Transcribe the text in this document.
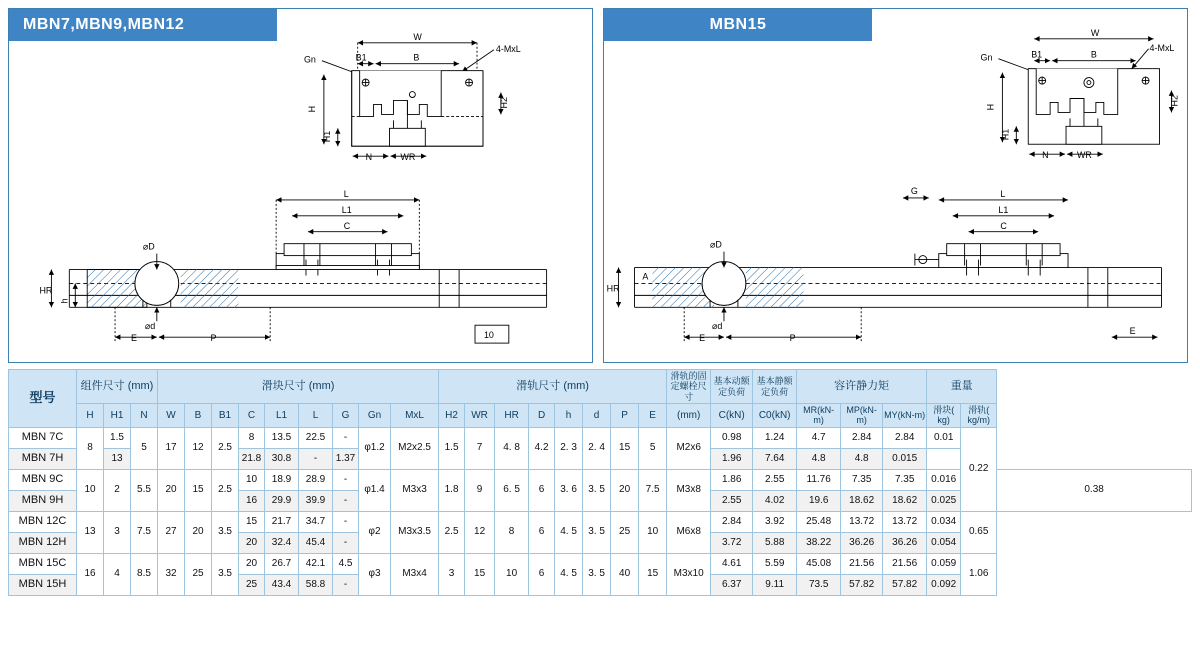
MBN7,MBN9,MBN12
W
B
B1
Gn
4-MxL
H
H1
H2
N	WR
L
L1
C
⌀D
⌀d
HR
h
E	P	10
MBN15	W
B
B1
Gn
4-MxL
H
H1
H2
N	WR
L
G
L1
C
⌀D
⌀d
HR
A
E	P
E
型号	组件尺寸 (mm)			滑块尺寸 (mm)									滑轨尺寸 (mm)								滑轨的固定螺栓尺寸	基本动额定负荷	基本静额定负荷	容许静力矩			重量		
	H	H1	N	W	B	B1	C	L1	L	G	Gn	MxL	H2	WR	HR	D	h	d	P	E	(mm)	C(kN)	C0(kN)	MR(kN-m)	MP(kN-m)	MY(kN-m)	滑块( kg)	滑轨( kg/m)	
MBN 7C	8	1.5	5	17	12	2.5	8	13.5	22.5	-	φ1.2	M2x2.5	1.5	7	4. 8	4.2	2. 3	2. 4	15	5	M2x6	0.98	1.24	4.7	2.84	2.84	0.01	0.22	
MBN 7H		13					21.8	30.8	-	1.37												1.96	7.64	4.8	4.8	0.015			
MBN 9C	10	2	5.5	20	15	2.5	10	18.9	28.9	-	φ1.4	M3x3	1.8	9	6. 5	6	3. 6	3. 5	20	7.5	M3x8	1.86	2.55	11.76	7.35	7.35	0.016		0.38
MBN 9H							16	29.9	39.9	-												2.55	4.02	19.6	18.62	18.62	0.025		
MBN 12C	13	3	7.5	27	20	3.5	15	21.7	34.7	-	φ2	M3x3.5	2.5	12	8	6	4. 5	3. 5	25	10	M6x8	2.84	3.92	25.48	13.72	13.72	0.034	0.65	
MBN 12H							20	32.4	45.4	-												3.72	5.88	38.22	36.26	36.26	0.054		
MBN 15C	16	4	8.5	32	25	3.5	20	26.7	42.1	4.5	φ3	M3x4	3	15	10	6	4. 5	3. 5	40	15	M3x10	4.61	5.59	45.08	21.56	21.56	0.059	1.06	
MBN 15H							25	43.4	58.8	-												6.37	9.11	73.5	57.82	57.82	0.092		
